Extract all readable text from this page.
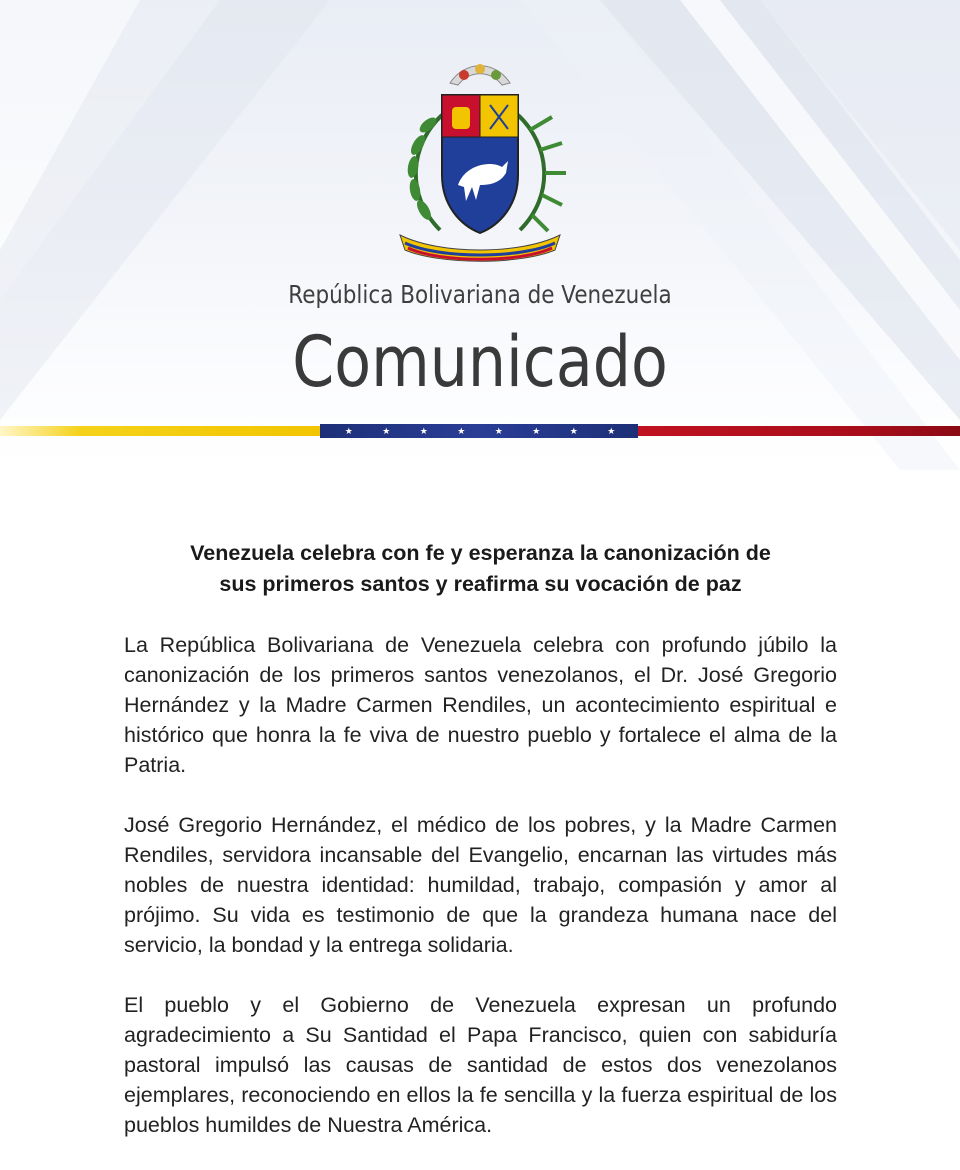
República Bolivariana de Venezuela
Comunicado
★	★	★	★	★	★	★	★
Venezuela celebra con fe y esperanza la canonización de
sus primeros santos y reafirma su vocación de paz

La República Bolivariana de Venezuela celebra con profundo júbilo la canonización de los primeros santos venezolanos, el Dr. José Gregorio Hernández y la Madre Carmen Rendiles, un acontecimiento espiritual e histórico que honra la fe viva de nuestro pueblo y fortalece el alma de la Patria.

José Gregorio Hernández, el médico de los pobres, y la Madre Carmen Rendiles, servidora incansable del Evangelio, encarnan las virtudes más nobles de nuestra identidad: humildad, trabajo, compasión y amor al prójimo. Su vida es testimonio de que la grandeza humana nace del servicio, la bondad y la entrega solidaria.

El pueblo y el Gobierno de Venezuela expresan un profundo agradecimiento a Su Santidad el Papa Francisco, quien con sabiduría pastoral impulsó las causas de santidad de estos dos venezolanos ejemplares, reconociendo en ellos la fe sencilla y la fuerza espiritual de los pueblos humildes de Nuestra América.
